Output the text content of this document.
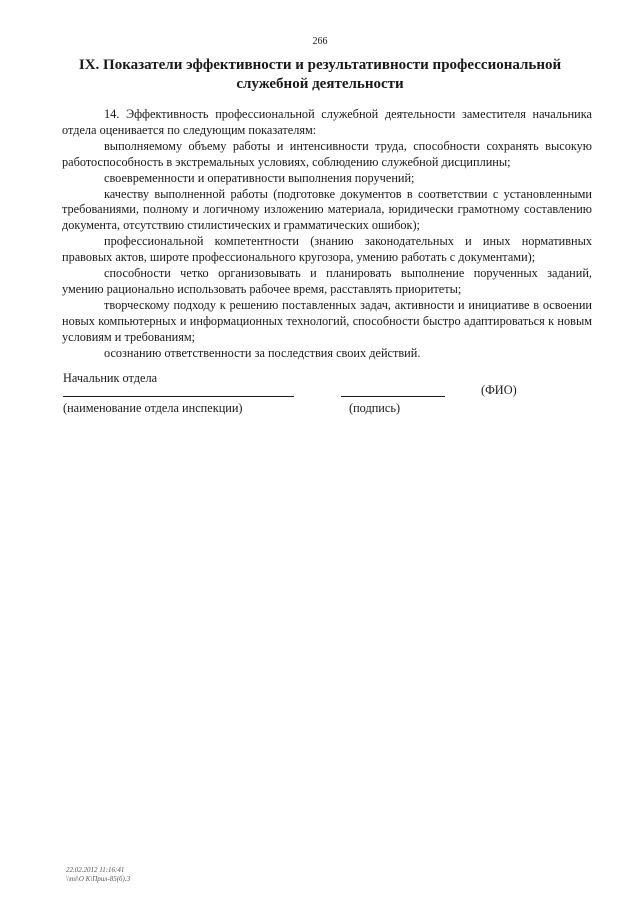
266
IX. Показатели эффективности и результативности профессиональной
служебной деятельности

14. Эффективность профессиональной служебной деятельности заместителя начальника отдела оценивается по следующим показателям:

выполняемому объему работы и интенсивности труда, способности сохранять высокую работоспособность в экстремальных условиях, соблюдению служебной дисциплины;

своевременности и оперативности выполнения поручений;

качеству выполненной работы (подготовке документов в соответствии с установленными требованиями, полному и логичному изложению материала, юридически грамотному составлению документа, отсутствию стилистических и грамматических ошибок);

профессиональной компетентности (знанию законодательных и иных нормативных правовых актов, широте профессионального кругозора, умению работать с документами);

способности четко организовывать и планировать выполнение порученных заданий, умению рационально использовать рабочее время, расставлять приоритеты;

творческому подходу к решению поставленных задач, активности и инициативе в освоении новых компьютерных и информационных технологий, способности быстро адаптироваться к новым условиям и требованиям;

осознанию ответственности за последствия своих действий.

Начальник отдела
(ФИО)
(наименование отдела инспекции)	(подпись)
22.02.2012 11:16:41
\\mi\O K\Прил-85(б).3
